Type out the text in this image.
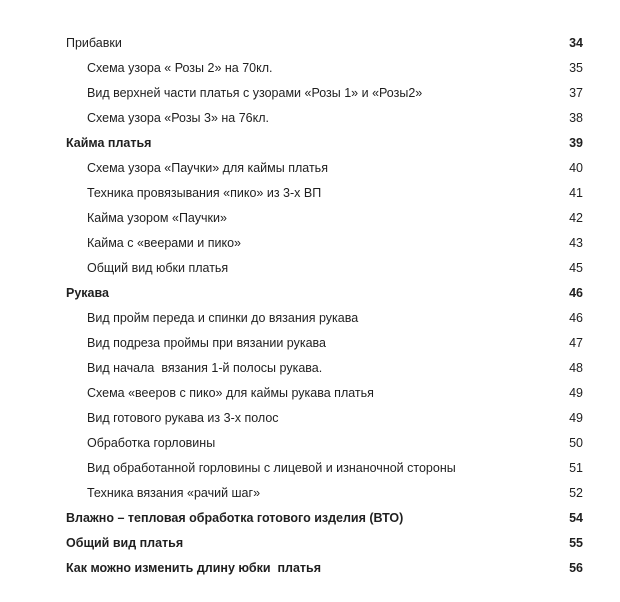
Прибавки	34
Схема узора « Розы 2» на 70кл.	35
Вид верхней части платья с узорами «Розы 1» и «Розы2»	37
Схема узора «Розы 3» на 76кл.	38
Кайма платья	39
Схема узора «Паучки» для каймы платья	40
Техника провязывания «пико» из 3-х ВП	41
Кайма узором «Паучки»	42
Кайма с «веерами и пико»	43
Общий вид юбки платья	45
Рукава	46
Вид пройм переда и спинки до вязания рукава	46
Вид подреза проймы при вязании рукава	47
Вид начала  вязания 1-й полосы рукава.	48
Схема «вееров с пико» для каймы рукава платья	49
Вид готового рукава из 3-х полос	49
Обработка горловины	50
Вид обработанной горловины с лицевой и изнаночной стороны	51
Техника вязания «рачий шаг»	52
Влажно – тепловая обработка готового изделия (ВТО)	54
Общий вид платья	55
Как можно изменить длину юбки  платья	56
